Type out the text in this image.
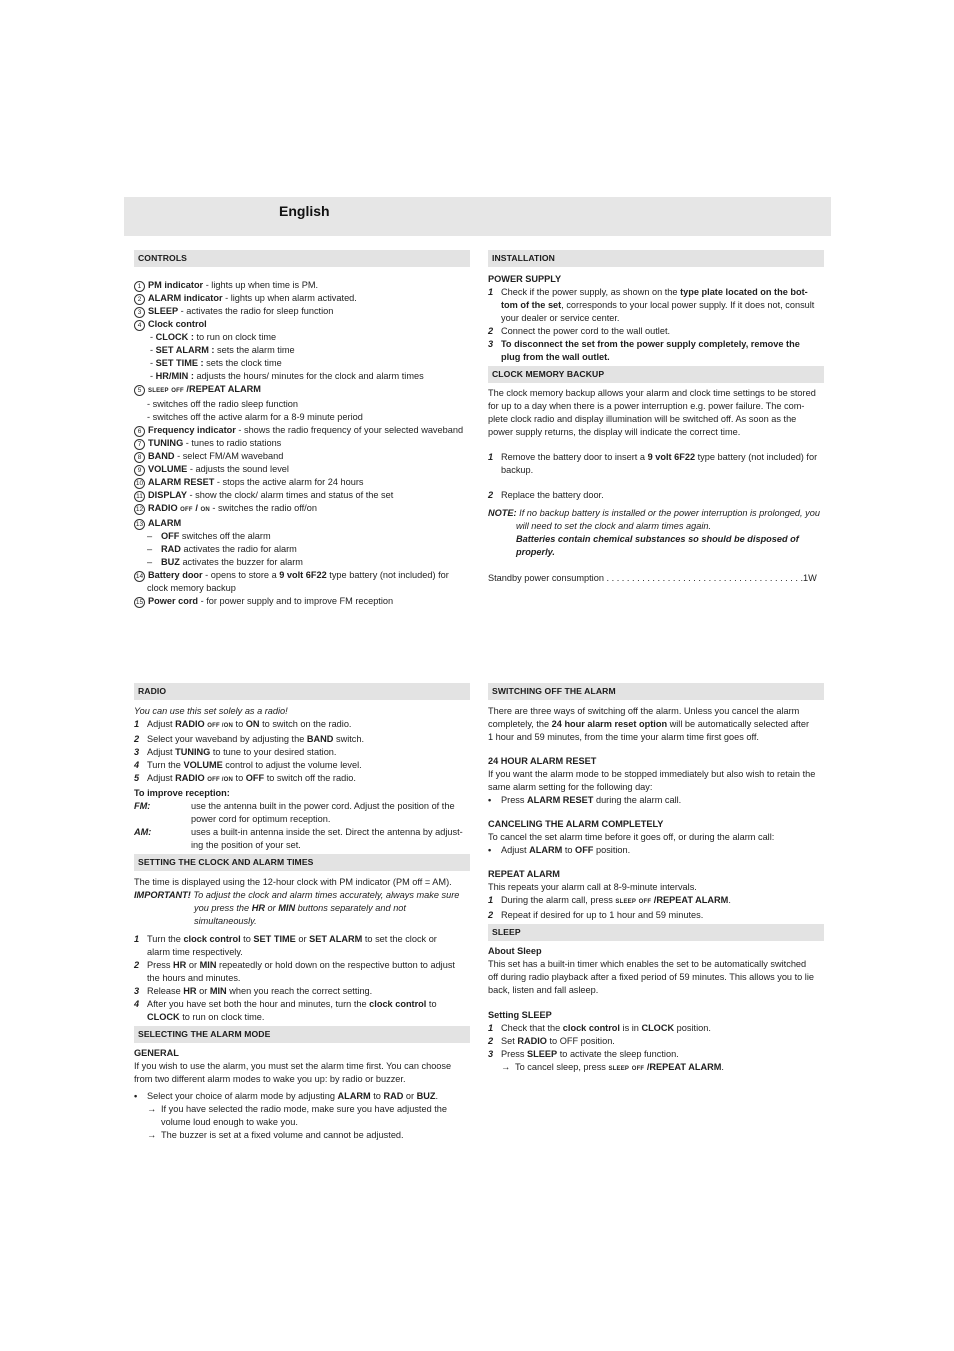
English
CONTROLS
1 PM indicator - lights up when time is PM.
2 ALARM indicator - lights up when alarm activated.
3 SLEEP - activates the radio for sleep function
4 Clock control
- CLOCK : to run on clock time
- SET ALARM : sets the alarm time
- SET TIME : sets the clock time
- HR/MIN : adjusts the hours/ minutes for the clock and alarm times
5 SLEEP OFF /REPEAT ALARM
- switches off the radio sleep function
- switches off the active alarm for a 8-9 minute period
6 Frequency indicator - shows the radio frequency of your selected waveband
7 TUNING - tunes to radio stations
8 BAND - select FM/AM waveband
9 VOLUME - adjusts the sound level
10 ALARM RESET - stops the active alarm for 24 hours
11 DISPLAY - show the clock/ alarm times and status of the set
12 RADIO OFF / ON - switches the radio off/on
13 ALARM
– OFF switches off the alarm
– RAD activates the radio for alarm
– BUZ activates the buzzer for alarm
14 Battery door - opens to store a 9 volt 6F22 type battery (not included) for
clock memory backup
15 Power cord - for power supply and to improve FM reception
INSTALLATION
POWER SUPPLY
1 Check if the power supply, as shown on the type plate located on the bot-
tom of the set, corresponds to your local power supply. If it does not, consult
your dealer or service center.
2 Connect the power cord to the wall outlet.
3 To disconnect the set from the power supply completely, remove the
plug from the wall outlet.
CLOCK MEMORY BACKUP
The clock memory backup allows your alarm and clock time settings to be stored
for up to a day when there is a power interruption e.g. power failure. The com-
plete clock radio and display illumination will be switched off. As soon as the
power supply returns, the display will indicate the correct time.
1 Remove the battery door to insert a 9 volt 6F22 type battery (not included) for
backup.
2 Replace the battery door.
NOTE: If no backup battery is installed or the power interruption is prolonged, you
will need to set the clock and alarm times again.
Batteries contain chemical substances so should be disposed of
properly.
Standby power consumption . . . . . . . . . . . . . . . . . . . . . . . . . . . . . . . . . . . . . . .1W
RADIO
You can use this set solely as a radio!
1 Adjust RADIO OFF /ON to ON to switch on the radio.
2 Select your waveband by adjusting the BAND switch.
3 Adjust TUNING to tune to your desired station.
4 Turn the VOLUME control to adjust the volume level.
5 Adjust RADIO OFF /ON to OFF to switch off the radio.
To improve reception:
FM:	use the antenna built in the power cord. Adjust the position of the
power cord for optimum reception.
AM:	uses a built-in antenna inside the set. Direct the antenna by adjust-
ing the position of your set.
SETTING THE CLOCK AND ALARM TIMES
The time is displayed using the 12-hour clock with PM indicator (PM off = AM).
IMPORTANT! To adjust the clock and alarm times accurately, always make sure
you press the HR or MIN buttons separately and not
simultaneously.
1 Turn the clock control to SET TIME or SET ALARM to set the clock or
alarm time respectively.
2 Press HR or MIN repeatedly or hold down on the respective button to adjust
the hours and minutes.
3 Release HR or MIN when you reach the correct setting.
4 After you have set both the hour and minutes, turn the clock control to
CLOCK to run on clock time.
SELECTING THE ALARM MODE
GENERAL
If you wish to use the alarm, you must set the alarm time first. You can choose
from two different alarm modes to wake you up: by radio or buzzer.
•	Select your choice of alarm mode by adjusting ALARM to RAD or BUZ.
→ If you have selected the radio mode, make sure you have adjusted the
volume loud enough to wake you.
→ The buzzer is set at a fixed volume and cannot be adjusted.
SWITCHING OFF THE ALARM
There are three ways of switching off the alarm. Unless you cancel the alarm
completely, the 24 hour alarm reset option will be automatically selected after
1 hour and 59 minutes, from the time your alarm time first goes off.
24 HOUR ALARM RESET
If you want the alarm mode to be stopped immediately but also wish to retain the
same alarm setting for the following day:
•	Press ALARM RESET during the alarm call.
CANCELING THE ALARM COMPLETELY
To cancel the set alarm time before it goes off, or during the alarm call:
•	Adjust ALARM to OFF position.
REPEAT ALARM
This repeats your alarm call at 8-9-minute intervals.
1 During the alarm call, press SLEEP OFF /REPEAT ALARM.
2 Repeat if desired for up to 1 hour and 59 minutes.
SLEEP
About Sleep
This set has a built-in timer which enables the set to be automatically switched
off during radio playback after a fixed period of 59 minutes. This allows you to lie
back, listen and fall asleep.
Setting SLEEP
1 Check that the clock control is in CLOCK position.
2 Set RADIO to OFF position.
3 Press SLEEP to activate the sleep function.
→ To cancel sleep, press SLEEP OFF /REPEAT ALARM.
